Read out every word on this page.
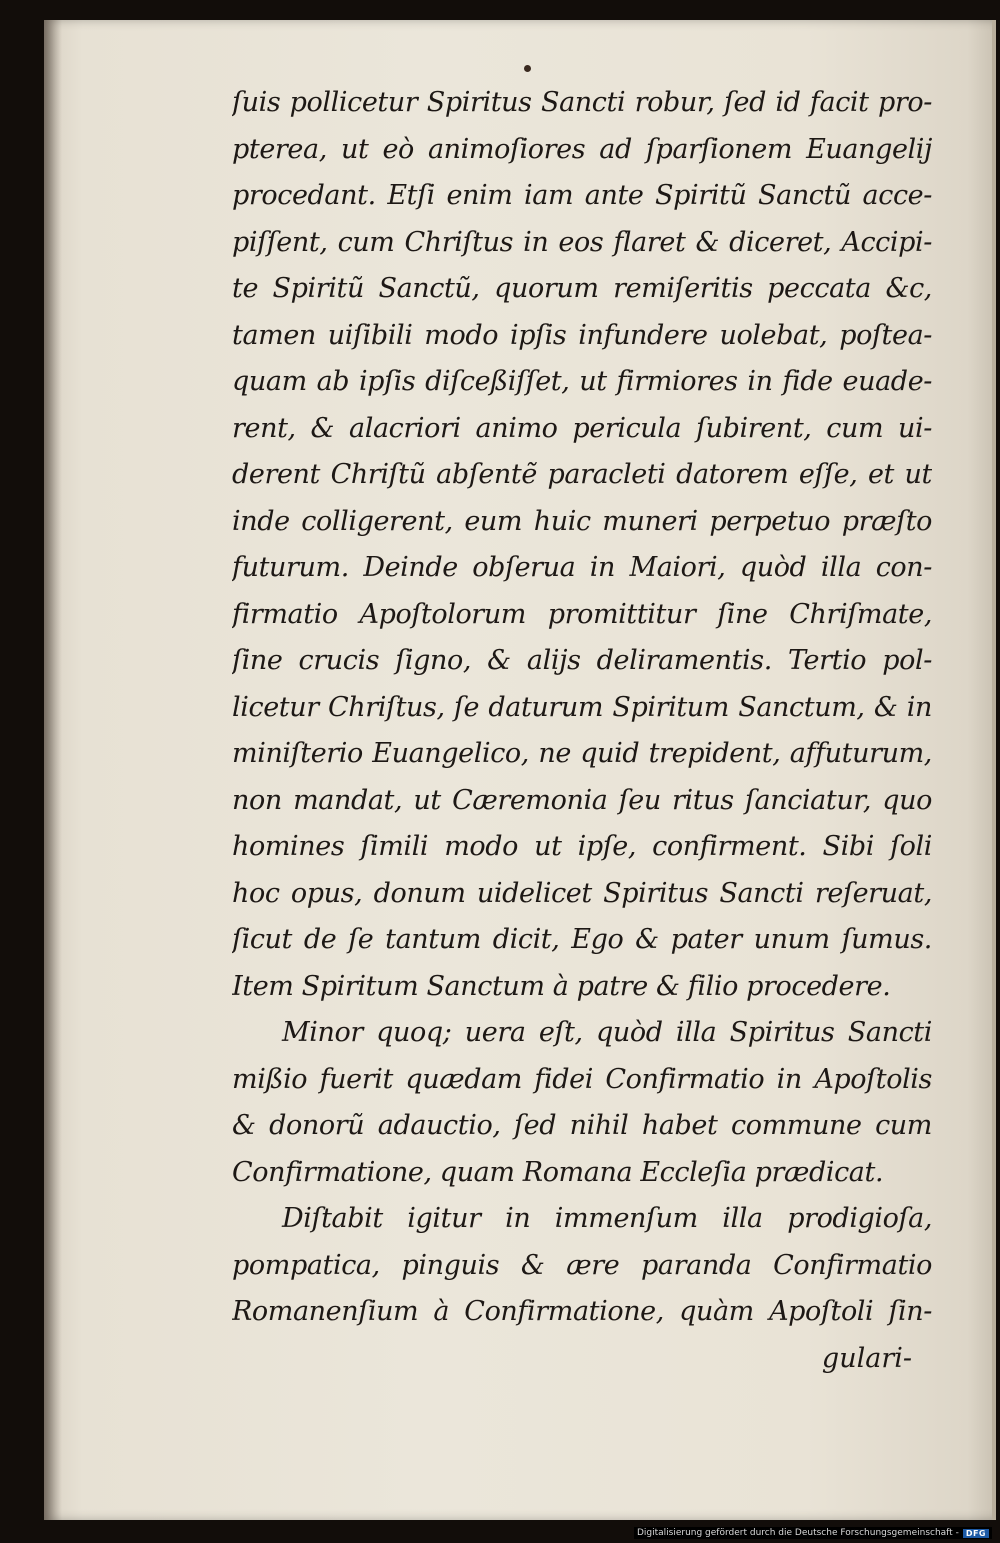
ſuis pollicetur Spiritus Sancti robur, ſed id facit pro-
pterea, ut eò animoſiores ad ſparſionem Euangelij
procedant. Etſi enim iam ante Spiritũ Sanctũ acce-
piſſent, cum Chriſtus in eos flaret & diceret, Accipi-
te Spiritũ Sanctũ, quorum remiſeritis peccata &c,
tamen uiſibili modo ipſis infundere uolebat, poſtea-
quam ab ipſis diſceßiſſet, ut firmiores in fide euade-
rent, & alacriori animo pericula ſubirent, cum ui-
derent Chriſtũ abſentẽ paracleti datorem eſſe, et ut
inde colligerent, eum huic muneri perpetuo præſto
futurum. Deinde obſerua in Maiori, quòd illa con-
firmatio Apoſtolorum promittitur ſine Chriſmate,
ſine crucis ſigno, & aliјs deliramentis. Tertio pol-
licetur Chriſtus, ſe daturum Spiritum Sanctum, & in
miniſterio Euangelico, ne quid trepident, affuturum,
non mandat, ut Cæremonia ſeu ritus ſanciatur, quo
homines ſimili modo ut ipſe, confirment. Sibi ſoli
hoc opus, donum uidelicet Spiritus Sancti reſeruat,
ſicut de ſe tantum dicit, Ego & pater unum ſumus.
Item Spiritum Sanctum à patre & filio procedere.
Minor quoq; uera eſt, quòd illa Spiritus Sancti
mißio fuerit quædam fidei Confirmatio in Apoſtolis
& donorũ adauctio, ſed nihil habet commune cum
Confirmatione, quam Romana Eccleſia prædicat.
Diſtabit igitur in immenſum illa prodigioſa,
pompatica, pinguis & ære paranda Confirmatio
Romanenſium à Confirmatione, quàm Apoſtoli ſin-
gulari-
Digitalisierung gefördert durch die Deutsche Forschungsgemeinschaft - DFG
